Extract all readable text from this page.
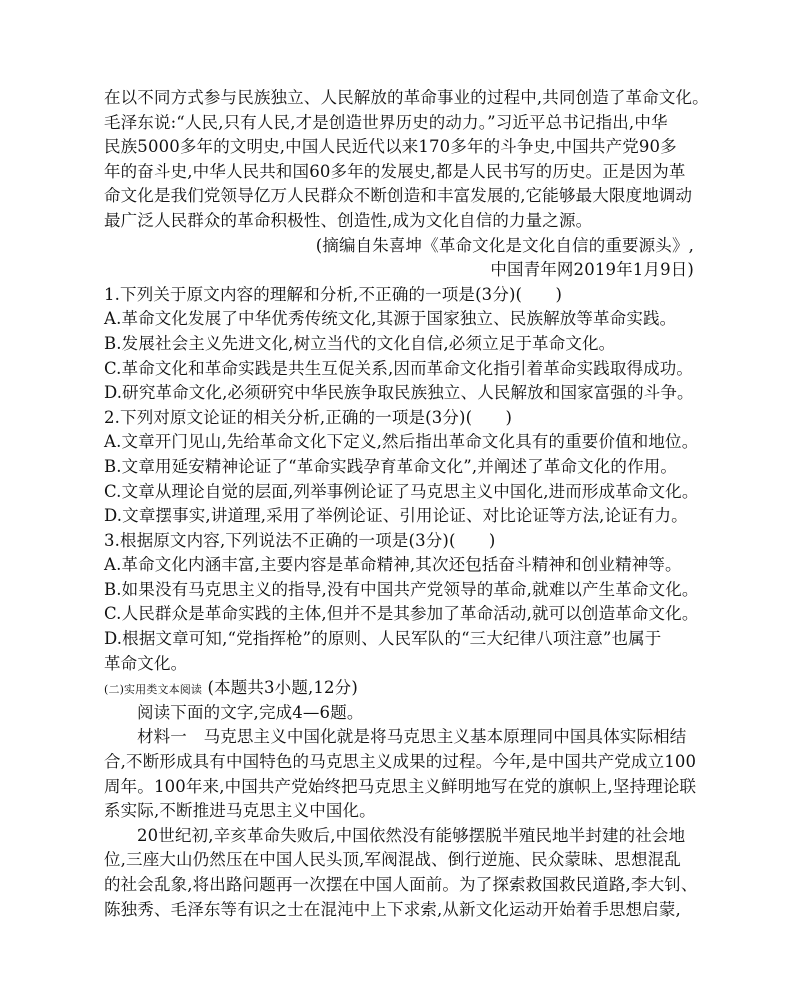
在以不同方式参与民族独立、人民解放的革命事业的过程中,共同创造了革命文化。
毛泽东说:“人民,只有人民,才是创造世界历史的动力。”习近平总书记指出,中华
民族5000多年的文明史,中国人民近代以来170多年的斗争史,中国共产党90多
年的奋斗史,中华人民共和国60多年的发展史,都是人民书写的历史。正是因为革
命文化是我们党领导亿万人民群众不断创造和丰富发展的,它能够最大限度地调动
最广泛人民群众的革命积极性、创造性,成为文化自信的力量之源。
(摘编自朱喜坤《革命文化是文化自信的重要源头》,
中国青年网2019年1月9日)
1.下列关于原文内容的理解和分析,不正确的一项是(3分)(　　)
A.革命文化发展了中华优秀传统文化,其源于国家独立、民族解放等革命实践。
B.发展社会主义先进文化,树立当代的文化自信,必须立足于革命文化。
C.革命文化和革命实践是共生互促关系,因而革命文化指引着革命实践取得成功。
D.研究革命文化,必须研究中华民族争取民族独立、人民解放和国家富强的斗争。
2.下列对原文论证的相关分析,正确的一项是(3分)(　　)
A.文章开门见山,先给革命文化下定义,然后指出革命文化具有的重要价值和地位。
B.文章用延安精神论证了“革命实践孕育革命文化”,并阐述了革命文化的作用。
C.文章从理论自觉的层面,列举事例论证了马克思主义中国化,进而形成革命文化。
D.文章摆事实,讲道理,采用了举例论证、引用论证、对比论证等方法,论证有力。
3.根据原文内容,下列说法不正确的一项是(3分)(　　)
A.革命文化内涵丰富,主要内容是革命精神,其次还包括奋斗精神和创业精神等。
B.如果没有马克思主义的指导,没有中国共产党领导的革命,就难以产生革命文化。
C.人民群众是革命实践的主体,但并不是其参加了革命活动,就可以创造革命文化。
D.根据文章可知,“党指挥枪”的原则、人民军队的“三大纪律八项注意”也属于
革命文化。
(二)实用类文本阅读 (本题共3小题,12分)
阅读下面的文字,完成4—6题。
材料一　马克思主义中国化就是将马克思主义基本原理同中国具体实际相结
合,不断形成具有中国特色的马克思主义成果的过程。今年,是中国共产党成立100
周年。100年来,中国共产党始终把马克思主义鲜明地写在党的旗帜上,坚持理论联
系实际,不断推进马克思主义中国化。
20世纪初,辛亥革命失败后,中国依然没有能够摆脱半殖民地半封建的社会地
位,三座大山仍然压在中国人民头顶,军阀混战、倒行逆施、民众蒙昧、思想混乱
的社会乱象,将出路问题再一次摆在中国人面前。为了探索救国救民道路,李大钊、
陈独秀、毛泽东等有识之士在混沌中上下求索,从新文化运动开始着手思想启蒙,
